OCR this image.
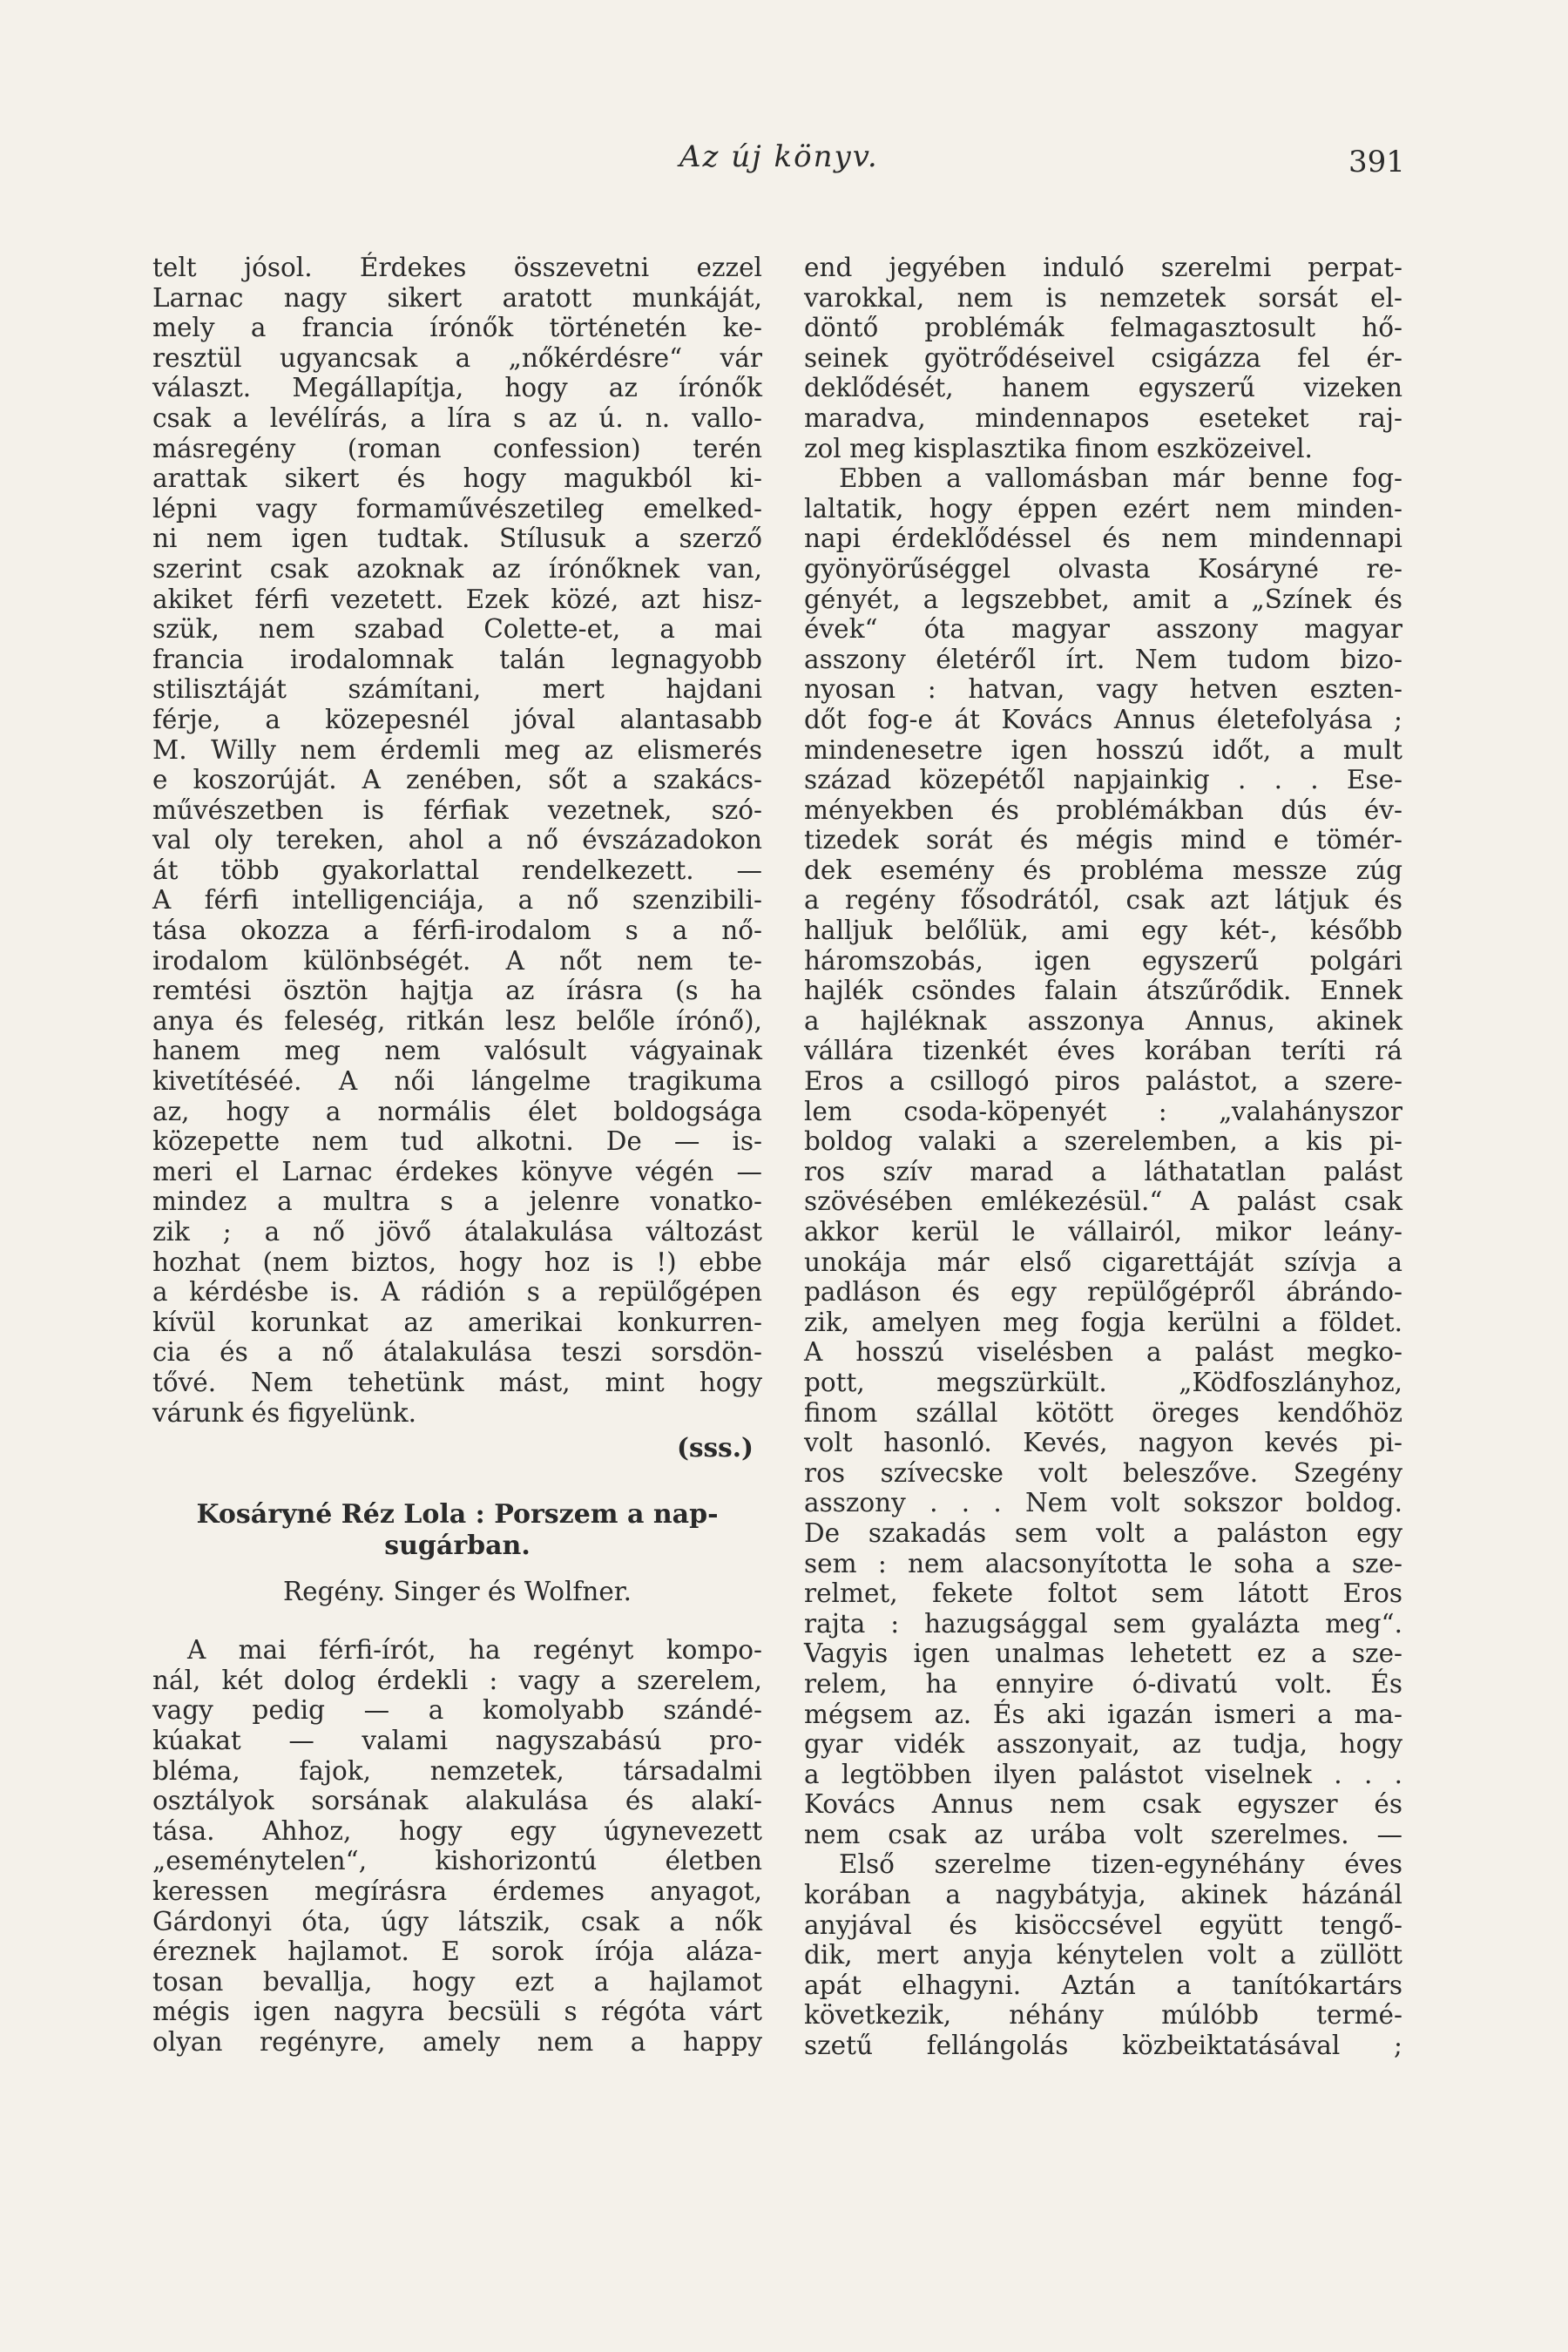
Az új könyv.	391
telt jósol. Érdekes összevetni ezzel
Larnac nagy sikert aratott munkáját,
mely a francia írónők történetén ke-
resztül ugyancsak a „nőkérdésre“ vár
választ. Megállapítja, hogy az írónők
csak a levélírás, a líra s az ú. n. vallo-
másregény (roman confession) terén
arattak sikert és hogy magukból ki-
lépni vagy formaművészetileg emelked-
ni nem igen tudtak. Stílusuk a szerző
szerint csak azoknak az írónőknek van,
akiket férfi vezetett. Ezek közé, azt hisz-
szük, nem szabad Colette-et, a mai
francia irodalomnak talán legnagyobb
stilisztáját számítani, mert hajdani
férje, a közepesnél jóval alantasabb
M. Willy nem érdemli meg az elismerés
e koszorúját. A zenében, sőt a szakács-
művészetben is férfiak vezetnek, szó-
val oly tereken, ahol a nő évszázadokon
át több gyakorlattal rendelkezett. —
A férfi intelligenciája, a nő szenzibili-
tása okozza a férfi-irodalom s a nő-
irodalom különbségét. A nőt nem te-
remtési ösztön hajtja az írásra (s ha
anya és feleség, ritkán lesz belőle írónő),
hanem meg nem valósult vágyainak
kivetítéséé. A női lángelme tragikuma
az, hogy a normális élet boldogsága
közepette nem tud alkotni. De — is-
meri el Larnac érdekes könyve végén —
mindez a multra s a jelenre vonatko-
zik ; a nő jövő átalakulása változást
hozhat (nem biztos, hogy hoz is !) ebbe
a kérdésbe is. A rádión s a repülőgépen
kívül korunkat az amerikai konkurren-
cia és a nő átalakulása teszi sorsdön-
tővé. Nem tehetünk mást, mint hogy
várunk és figyelünk.
(sss.)
Kosáryné Réz Lola : Porszem a nap-
sugárban.
Regény. Singer és Wolfner.
A mai férfi-írót, ha regényt kompo-
nál, két dolog érdekli : vagy a szerelem,
vagy pedig — a komolyabb szándé-
kúakat — valami nagyszabású pro-
bléma, fajok, nemzetek, társadalmi
osztályok sorsának alakulása és alakí-
tása. Ahhoz, hogy egy úgynevezett
„eseménytelen“, kishorizontú életben
keressen megírásra érdemes anyagot,
Gárdonyi óta, úgy látszik, csak a nők
éreznek hajlamot. E sorok írója aláza-
tosan bevallja, hogy ezt a hajlamot
mégis igen nagyra becsüli s régóta várt
olyan regényre, amely nem a happy
end jegyében induló szerelmi perpat-
varokkal, nem is nemzetek sorsát el-
döntő problémák felmagasztosult hő-
seinek gyötrődéseivel csigázza fel ér-
deklődését, hanem egyszerű vizeken
maradva, mindennapos eseteket raj-
zol meg kisplasztika finom eszközeivel.
Ebben a vallomásban már benne fog-
laltatik, hogy éppen ezért nem minden-
napi érdeklődéssel és nem mindennapi
gyönyörűséggel olvasta Kosáryné re-
gényét, a legszebbet, amit a „Színek és
évek“ óta magyar asszony magyar
asszony életéről írt. Nem tudom bizo-
nyosan : hatvan, vagy hetven eszten-
dőt fog-e át Kovács Annus életefolyása ;
mindenesetre igen hosszú időt, a mult
század közepétől napjainkig . . . Ese-
ményekben és problémákban dús év-
tizedek sorát és mégis mind e tömér-
dek esemény és probléma messze zúg
a regény fősodrától, csak azt látjuk és
halljuk belőlük, ami egy két-, később
háromszobás, igen egyszerű polgári
hajlék csöndes falain átszűrődik. Ennek
a hajléknak asszonya Annus, akinek
vállára tizenkét éves korában teríti rá
Eros a csillogó piros palástot, a szere-
lem csoda-köpenyét : „valahányszor
boldog valaki a szerelemben, a kis pi-
ros szív marad a láthatatlan palást
szövésében emlékezésül.“ A palást csak
akkor kerül le vállairól, mikor leány-
unokája már első cigarettáját szívja a
padláson és egy repülőgépről ábrándo-
zik, amelyen meg fogja kerülni a földet.
A hosszú viselésben a palást megko-
pott, megszürkült. „Ködfoszlányhoz,
finom szállal kötött öreges kendőhöz
volt hasonló. Kevés, nagyon kevés pi-
ros szívecske volt beleszőve. Szegény
asszony . . . Nem volt sokszor boldog.
De szakadás sem volt a paláston egy
sem : nem alacsonyította le soha a sze-
relmet, fekete foltot sem látott Eros
rajta : hazugsággal sem gyalázta meg“.
Vagyis igen unalmas lehetett ez a sze-
relem, ha ennyire ó-divatú volt. És
mégsem az. És aki igazán ismeri a ma-
gyar vidék asszonyait, az tudja, hogy
a legtöbben ilyen palástot viselnek . . .
Kovács Annus nem csak egyszer és
nem csak az urába volt szerelmes. —
Első szerelme tizen-egynéhány éves
korában a nagybátyja, akinek házánál
anyjával és kisöccsével együtt tengő-
dik, mert anyja kénytelen volt a züllött
apát elhagyni. Aztán a tanítókartárs
következik, néhány múlóbb termé-
szetű fellángolás közbeiktatásával ;
